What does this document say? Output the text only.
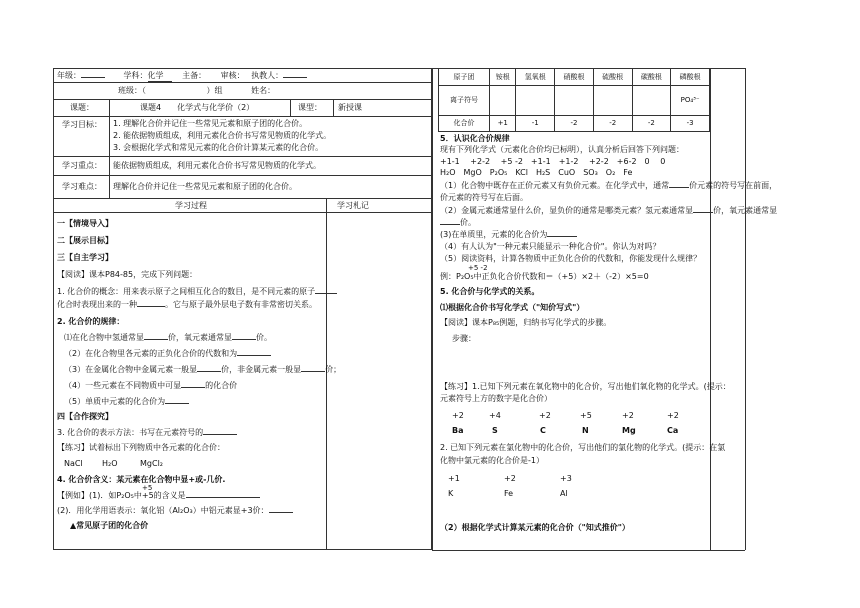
年级：　　	学科：化学　 主备：　　 审核：　 执教人：
班级：（	）组	姓名：
课题：	课题4　　化学式与化学价（2）	课型： 新授课
学习目标： 1. 理解化合价并记住一些常见元素和原子团的化合价。
2. 能依据物质组成，利用元素化合价书写常见物质的化学式。
3. 会根据化学式和常见元素的化合价计算某元素的化合价。
学习重点： 能依据物质组成，利用元素化合价书写常见物质的化学式。
学习难点： 理解化合价并记住一些常见元素和原子团的化合价。
学习过程	学习札记
一【情境导入】
二【展示目标】
三【自主学习】
【阅读】课本P84-85，完成下列问题：
1. 化合价的概念：用来表示原子之间相互化合的数目，是不同元素的原子
化合时表现出来的一种	。它与原子最外层电子数有非常密切关系。
2. 化合价的规律：
⑴在化合物中氢通常显	价，氧元素通常显	价。
（2）在化合物里各元素的正负化合价的代数和为
（3）在金属化合物中金属元素一般显	价，非金属元素一般显	价；
（4）一些元素在不同物质中可显	的化合价
（5）单质中元素的化合价为
四【合作探究】
3. 化合价的表示方法：书写在元素符号的
【练习】试着标出下列物质中各元素的化合价：
NaCl H₂O	MgCl₂
4. 化合价含义：某元素在化合物中显+或-几价.
+5
【例如】(1)．如P₂O₅中+5的含义是
(2)．用化学用语表示：氧化铝（Al₂O₃）中铝元素显+3价：
▲常见原子团的化合价
原子团	铵根	氢氧根	硝酸根	硫酸根	碳酸根	磷酸根
离子符号						PO₄³⁻
化合价	+1	-1	-2	-2	-2	-3
5．认识化合价规律
现有下列化学式（元素化合价均已标明），认真分析后回答下列问题：
+1-1　 +2-2　 +5 -2　+1-1　+1-2　 +2-2　+6-2　0　 0
H₂O　MgO　P₂O₅　KCl　H₂S　CuO　SO₃　O₂　Fe
（1）化合物中既存在正价元素又有负价元素。在化学式中，通常	价元素的符号写在前面，
价元素的符号写在后面。
（2）金属元素通常显什么价，显负价的通常是哪类元素？氢元素通常显	价，氧元素通常显
价。
(3)在单质里，元素的化合价为
（4）有人认为"一种元素只能显示一种化合价"。你认为对吗？
（5）阅读资料，计算各物质中正负化合价的代数和，你能发现什么规律？
+5 -2
例：P₂O₅中正负化合价代数和＝（+5）×2＋（-2）×5=0
5. 化合价与化学式的关系。
⑴根据化合价书写化学式（"知价写式"）
【阅读】课本P₈₅例题，归纳书写化学式的步骤。
步骤：
【练习】1.已知下列元素在氧化物中的化合价，写出他们氧化物的化学式。(提示：
元素符号上方的数字是化合价）
+2	+4	+2	+5	+2	+2
Ba	S	C	N	Mg	Ca
2. 已知下列元素在氯化物中的化合价，写出他们的氯化物的化学式。(提示：在氯
化物中氯元素的化合价是-1）
+1	+2	+3
K	Fe	Al
（2）根据化学式计算某元素的化合价（"知式推价"）
